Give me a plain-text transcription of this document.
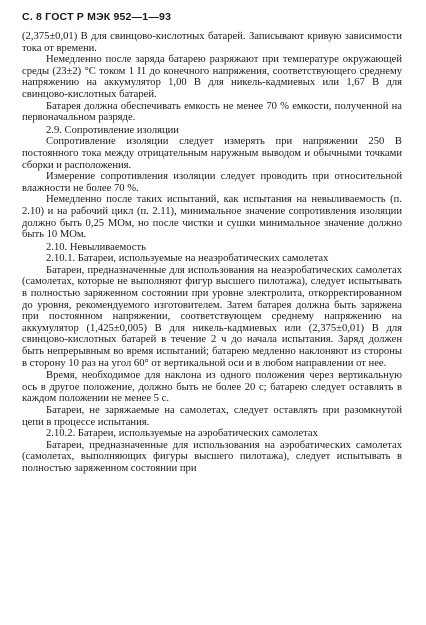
С. 8 ГОСТ Р МЭК 952—1—93

(2,375±0,01) В для свинцово-кислотных батарей. Записывают кривую зависимости тока от времени.

Немедленно после заряда батарею разряжают при температуре окружающей среды (23±2) °С током 1 I1 до конечного напряжения, соответствующего среднему напряжению на аккумулятор 1,00 В для никель-кадмиевых или 1,67 В для свинцово-кислотных батарей.

Батарея должна обеспечивать емкость не менее 70 % емкости, полученной на первоначальном разряде.

2.9. Сопротивление изоляции

Сопротивление изоляции следует измерять при напряжении 250 В постоянного тока между отрицательным наружным выводом и обычными точками сборки и расположения.

Измерение сопротивления изоляции следует проводить при относительной влажности не более 70 %.

Немедленно после таких испытаний, как испытания на невыливаемость (п. 2.10) и на рабочий цикл (п. 2.11), минимальное значение сопротивления изоляции должно быть 0,25 МОм, но после чистки и сушки минимальное значение должно быть 10 МОм.

2.10. Невыливаемость

2.10.1. Батареи, используемые на неаэробатических самолетах

Батареи, предназначенные для использования на неаэробатических самолетах (самолетах, которые не выполняют фигур высшего пилотажа), следует испытывать в полностью заряженном состоянии при уровне электролита, откорректированном до уровня, рекомендуемого изготовителем. Затем батарея должна быть заряжена при постоянном напряжении, соответствующем среднему напряжению на аккумулятор (1,425±0,005) В для никель-кадмиевых или (2,375±0,01) В для свинцово-кислотных батарей в течение 2 ч до начала испытания. Заряд должен быть непрерывным во время испытаний; батарею медленно наклоняют из стороны в сторону 10 раз на угол 60° от вертикальной оси и в любом направлении от нее.

Время, необходимое для наклона из одного положения через вертикальную ось в другое положение, должно быть не более 20 с; батарею следует оставлять в каждом положении не менее 5 с.

Батареи, не заряжаемые на самолетах, следует оставлять при разомкнутой цепи в процессе испытания.

2.10.2. Батареи, используемые на аэробатических самолетах

Батареи, предназначенные для использования на аэробатических самолетах (самолетах, выполняющих фигуры высшего пилотажа), следует испытывать в полностью заряженном состоянии при
